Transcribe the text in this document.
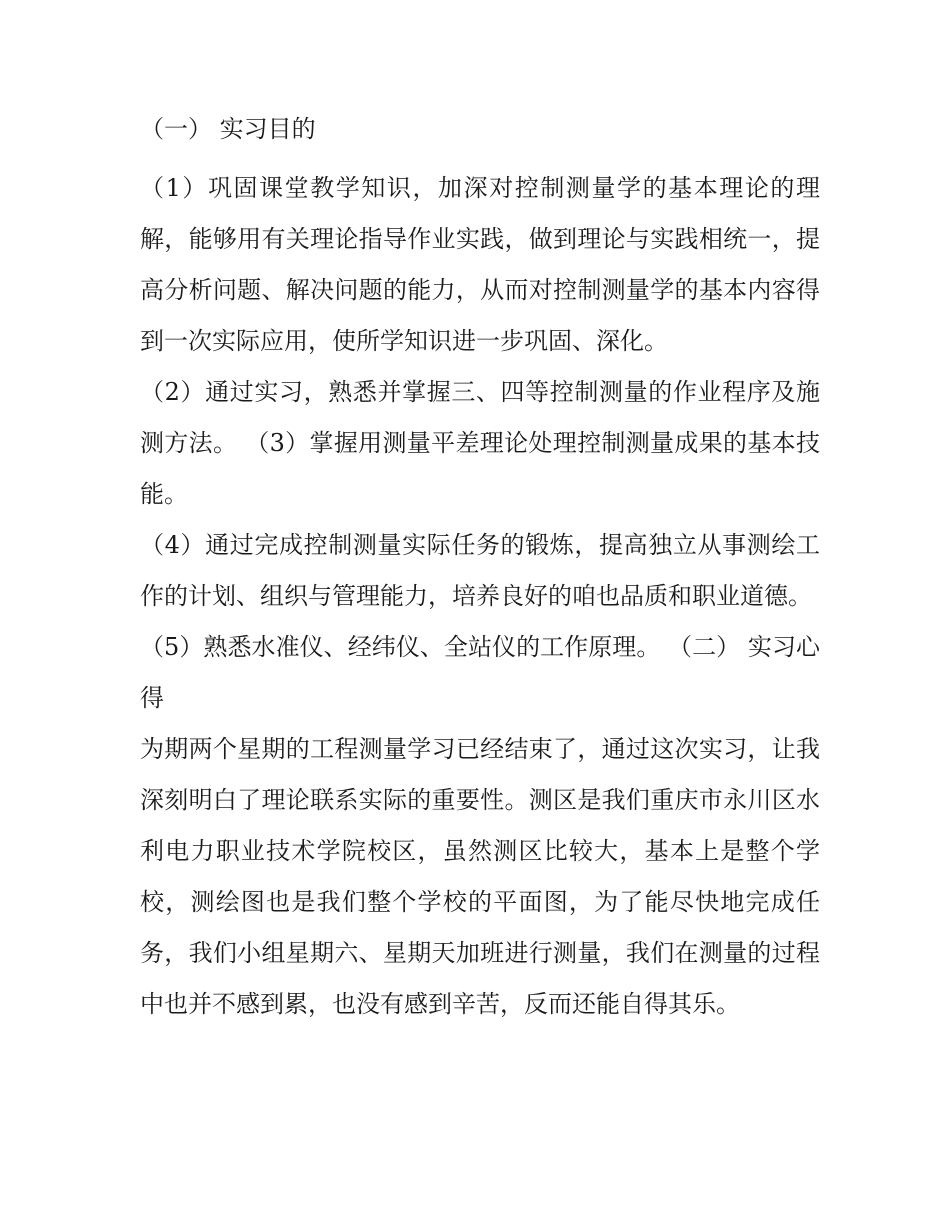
（一） 实习目的

（1）巩固课堂教学知识，加深对控制测量学的基本理论的理解，能够用有关理论指导作业实践，做到理论与实践相统一，提高分析问题、解决问题的能力，从而对控制测量学的基本内容得到一次实际应用，使所学知识进一步巩固、深化。

（2）通过实习，熟悉并掌握三、四等控制测量的作业程序及施测方法。 （3）掌握用测量平差理论处理控制测量成果的基本技能。

（4）通过完成控制测量实际任务的锻炼，提高独立从事测绘工作的计划、组织与管理能力，培养良好的咱也品质和职业道德。

（5）熟悉水准仪、经纬仪、全站仪的工作原理。 （二） 实习心得

为期两个星期的工程测量学习已经结束了，通过这次实习，让我深刻明白了理论联系实际的重要性。测区是我们重庆市永川区水利电力职业技术学院校区，虽然测区比较大，基本上是整个学校，测绘图也是我们整个学校的平面图，为了能尽快地完成任务，我们小组星期六、星期天加班进行测量，我们在测量的过程中也并不感到累，也没有感到辛苦，反而还能自得其乐。
